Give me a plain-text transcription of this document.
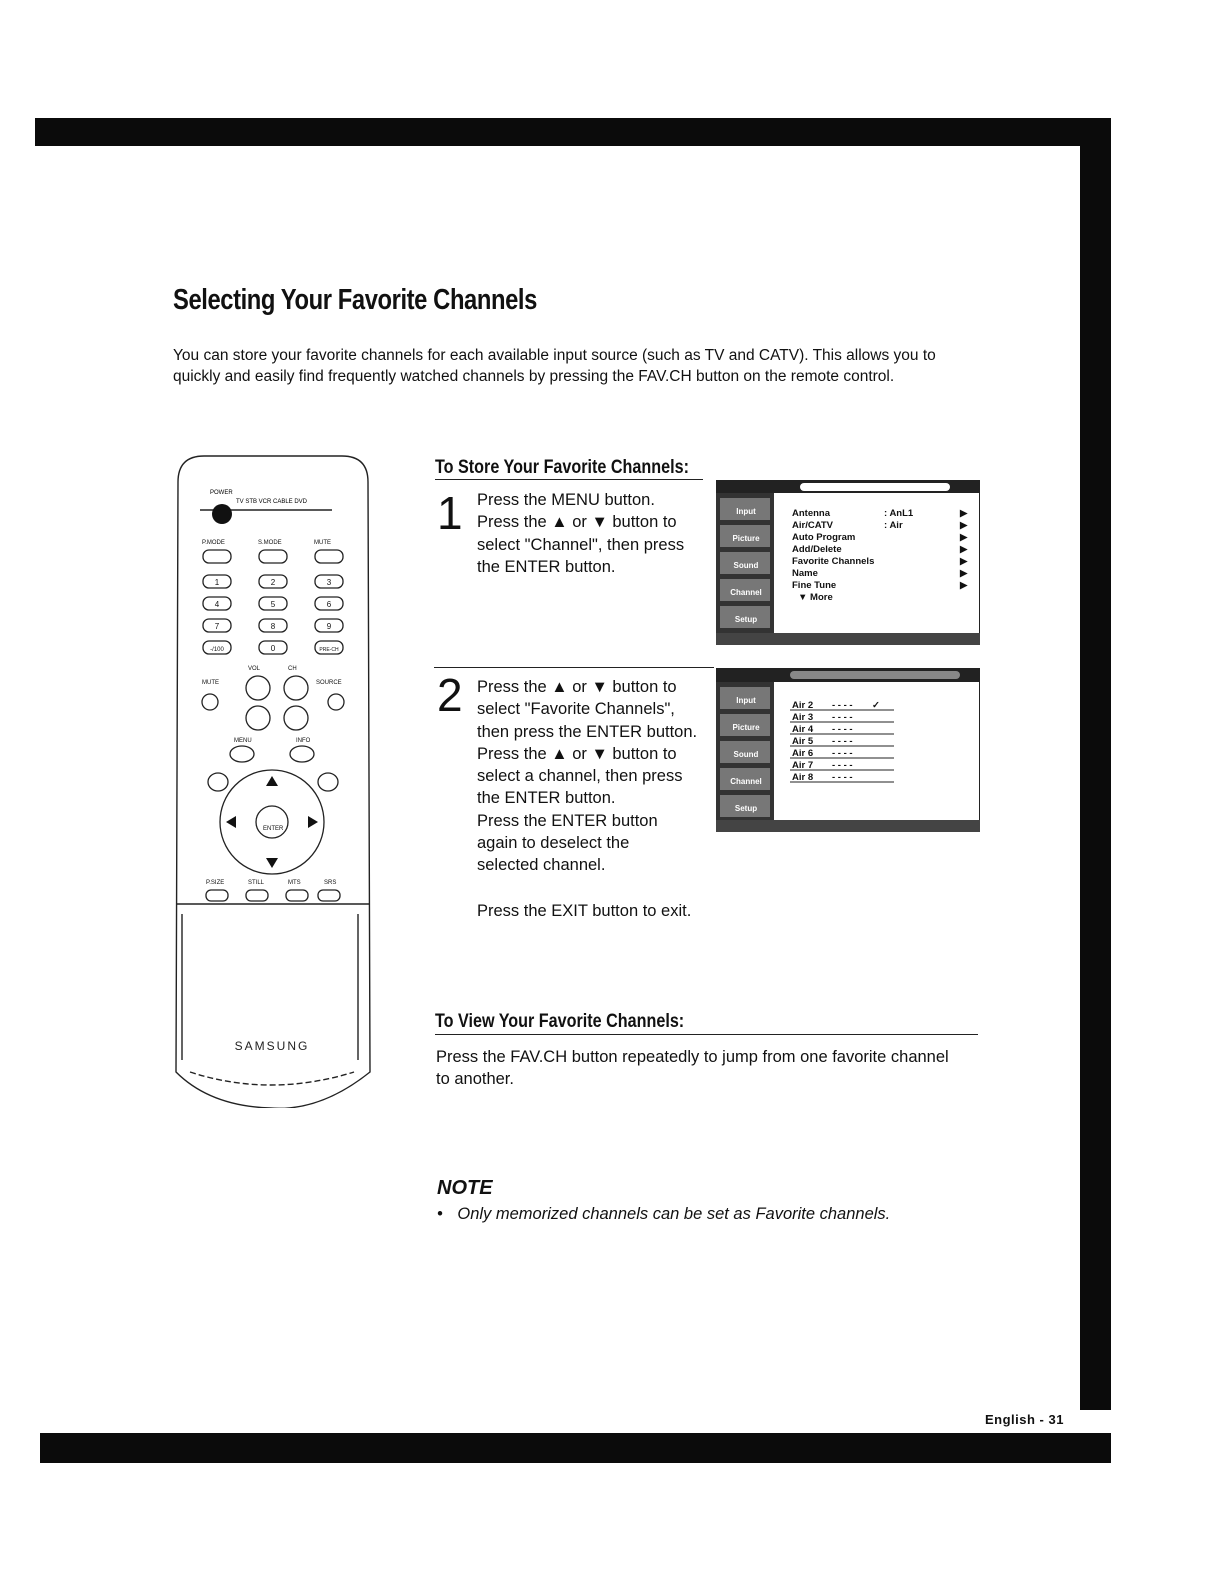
English - 31
Selecting Your Favorite Channels
You can store your favorite channels for each available input source (such as TV and CATV). This allows you to quickly and easily find frequently watched channels by pressing the FAV.CH button on the remote control.
POWER
TV STB VCR CABLE DVD
P.MODE	S.MODE	MUTE
1	2	3
4	5	6
7	8	9
-/100	0	PRE-CH
MUTE
VOL	CH
SOURCE
MENU	INFO
ENTER
P.SIZE	STILL	MTS	SRS
SAMSUNG
To Store Your Favorite Channels:
1 Press the MENU button.
Press the ▲ or ▼ button to
select "Channel", then press
the ENTER button.
2 Press the ▲ or ▼ button to
select "Favorite Channels",
then press the ENTER button.
Press the ▲ or ▼ button to
select a channel, then press
the ENTER button.
Press the ENTER button
again to deselect the
selected channel.
Press the EXIT button to exit.
Input
Picture
Sound
Channel
Setup
Antenna	: AnL1	▶
Air/CATV	: Air	▶
Auto Program	▶
Add/Delete	▶
Favorite Channels	▶
Name	▶
Fine Tune	▶
▼ More
Input
Picture
Sound
Channel
Setup
Air 2 - - - - ✓
Air 3 - - - -
Air 4 - - - -
Air 5 - - - -
Air 6 - - - -
Air 7 - - - -
Air 8 - - - -
To View Your Favorite Channels:
Press the FAV.CH button repeatedly to jump from one favorite channel to another.
NOTE
• Only memorized channels can be set as Favorite channels.
